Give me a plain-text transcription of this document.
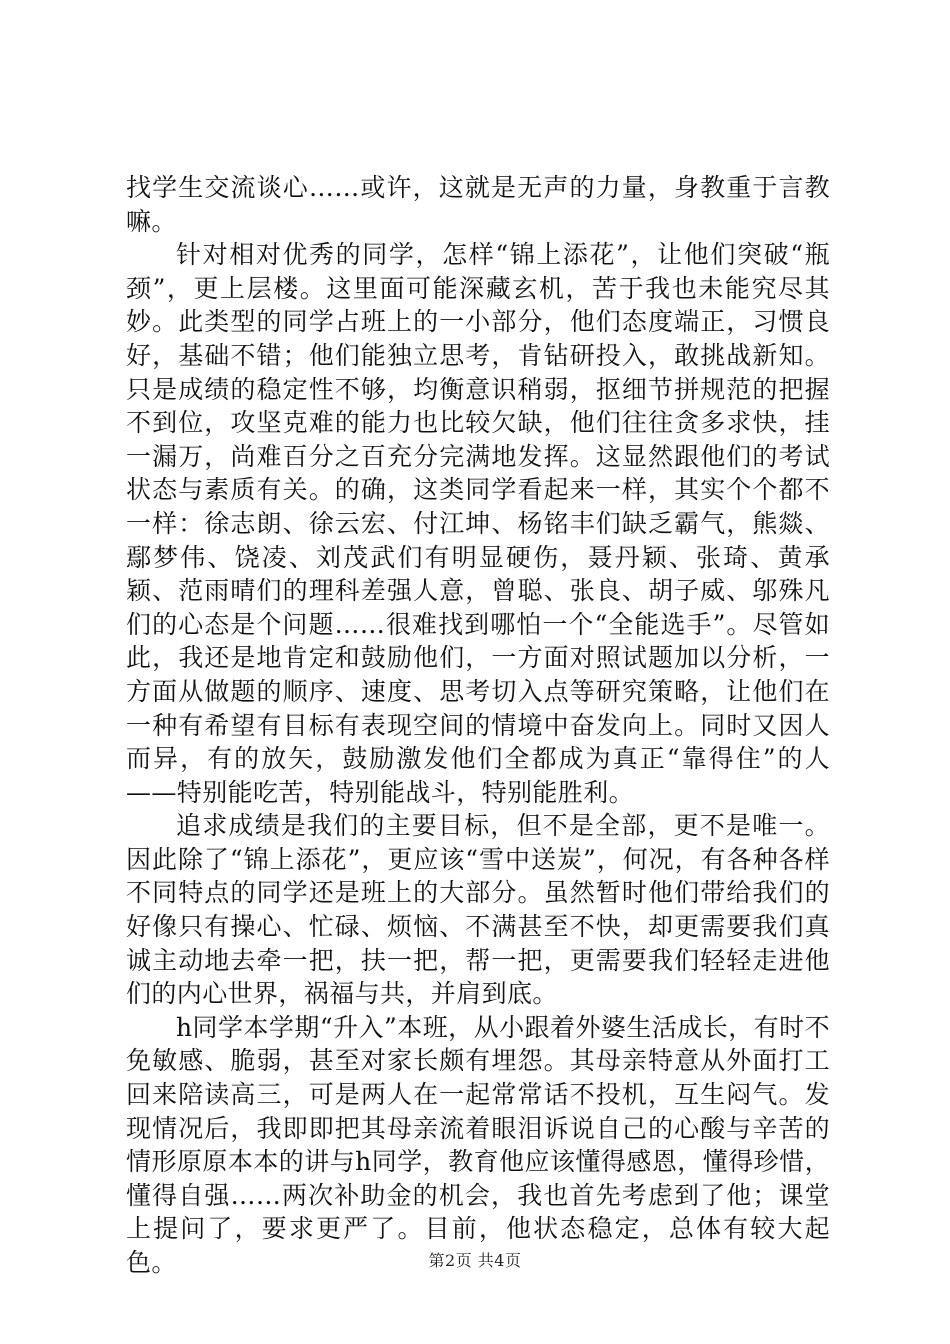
找学生交流谈心……或许，这就是无声的力量，身教重于言教嘛。

针对相对优秀的同学，怎样“锦上添花”，让他们突破“瓶颈”，更上层楼。这里面可能深藏玄机，苦于我也未能究尽其妙。此类型的同学占班上的一小部分，他们态度端正，习惯良好，基础不错；他们能独立思考，肯钻研投入，敢挑战新知。只是成绩的稳定性不够，均衡意识稍弱，抠细节拼规范的把握不到位，攻坚克难的能力也比较欠缺，他们往往贪多求快，挂一漏万，尚难百分之百充分完满地发挥。这显然跟他们的考试状态与素质有关。的确，这类同学看起来一样，其实个个都不一样：徐志朗、徐云宏、付江坤、杨铭丰们缺乏霸气，熊燚、鄢梦伟、饶凌、刘茂武们有明显硬伤，聂丹颖、张琦、黄承颖、范雨晴们的理科差强人意，曾聪、张良、胡子威、邬殊凡们的心态是个问题……很难找到哪怕一个“全能选手”。尽管如此，我还是地肯定和鼓励他们，一方面对照试题加以分析，一方面从做题的顺序、速度、思考切入点等研究策略，让他们在一种有希望有目标有表现空间的情境中奋发向上。同时又因人而异，有的放矢，鼓励激发他们全都成为真正“靠得住”的人——特别能吃苦，特别能战斗，特别能胜利。

追求成绩是我们的主要目标，但不是全部，更不是唯一。因此除了“锦上添花”，更应该“雪中送炭”，何况，有各种各样不同特点的同学还是班上的大部分。虽然暂时他们带给我们的好像只有操心、忙碌、烦恼、不满甚至不快，却更需要我们真诚主动地去牵一把，扶一把，帮一把，更需要我们轻轻走进他们的内心世界，祸福与共，并肩到底。

h同学本学期“升入”本班，从小跟着外婆生活成长，有时不免敏感、脆弱，甚至对家长颇有埋怨。其母亲特意从外面打工回来陪读高三，可是两人在一起常常话不投机，互生闷气。发现情况后，我即即把其母亲流着眼泪诉说自己的心酸与辛苦的情形原原本本的讲与h同学，教育他应该懂得感恩，懂得珍惜，懂得自强……两次补助金的机会，我也首先考虑到了他；课堂上提问了，要求更严了。目前，他状态稳定，总体有较大起色。	第2页 共4页
